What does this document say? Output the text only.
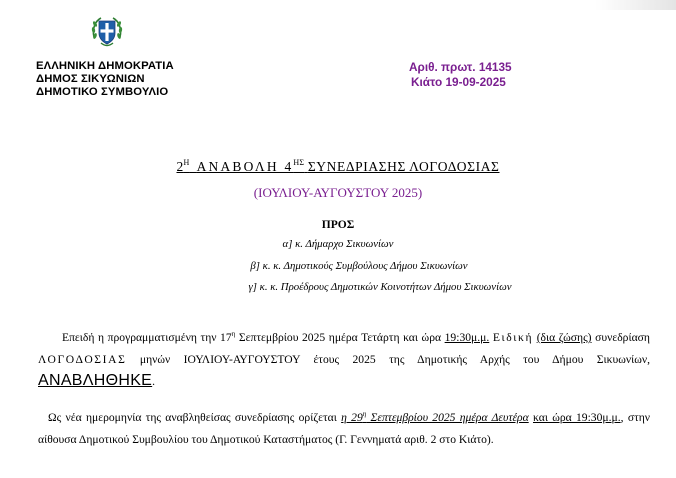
ΕΛΛΗΝΙΚΗ ΔΗΜΟΚΡΑΤΙΑ
ΔΗΜΟΣ ΣΙΚΥΩΝΙΩΝ
ΔΗΜΟΤΙΚΟ ΣΥΜΒΟΥΛΙΟ
Αριθ. πρωτ. 14135
Κιάτο 19-09-2025
$2^H$ ΑΝΑΒΟΛΗ $4^{H\Sigma}$ ΣΥΝΕΔΡΙΑΣΗΣ ΛΟΓΟΔΟΣΙΑΣ
(ΙΟΥΛΙΟΥ-ΑΥΓΟΥΣΤΟΥ 2025)
ΠΡΟΣ
α] κ. Δήμαρχο Σικυωνίων
β] κ. κ. Δημοτικούς Συμβούλους Δήμου Σικυωνίων
γ] κ. κ. Προέδρους Δημοτικών Κοινοτήτων Δήμου Σικυωνίων
Επειδή η προγραμματισμένη την $17^\eta$ Σεπτεμβρίου 2025 ημέρα Τετάρτη και ώρα 19:30μ.μ. Ειδική (δια ζώσης) συνεδρίαση ΛΟΓΟΔΟΣΙΑΣ μηνών ΙΟΥΛΙΟΥ-ΑΥΓΟΥΣΤΟΥ έτους 2025 της Δημοτικής Αρχής του Δήμου Σικυωνίων, ΑΝΑΒΛΗΘΗΚΕ.
Ως νέα ημερομηνία της αναβληθείσας συνεδρίασης ορίζεται η $29^\eta$ Σεπτεμβρίου 2025 ημέρα Δευτέρα και ώρα 19:30μ.μ., στην αίθουσα Δημοτικού Συμβουλίου του Δημοτικού Καταστήματος (Γ. Γεννηματά αριθ. 2 στο Κιάτο).
